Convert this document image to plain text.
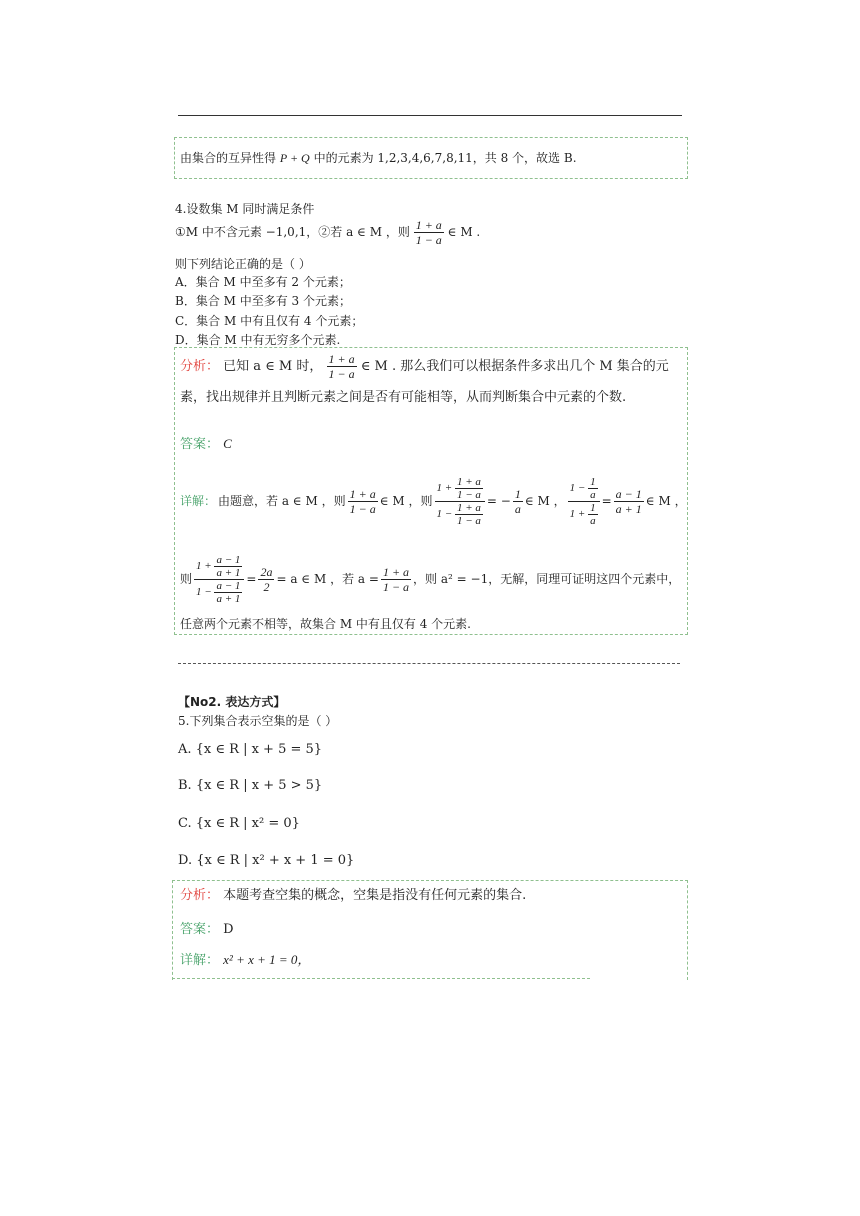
由集合的互异性得 P + Q 中的元素为 1,2,3,4,6,7,8,11，共 8 个，故选 B.
4.设数集 M 同时满足条件
①M 中不含元素 −1,0,1，②若 a ∈ M ，则 $\frac{1 + a}{1 - a}$ ∈ M .
则下列结论正确的是（ ）
A．集合 M 中至多有 2 个元素；
B．集合 M 中至多有 3 个元素；
C．集合 M 中有且仅有 4 个元素；
D．集合 M 中有无穷多个元素.
分析： 已知 a ∈ M 时， $\frac{1 + a}{1 - a}$ ∈ M . 那么我们可以根据条件多求出几个 M 集合的元
素，找出规律并且判断元素之间是否有可能相等，从而判断集合中元素的个数.
答案： C
详解： 由题意，若 a ∈ M ，则 $\frac{1 + a}{1 - a}$ ∈ M ，则 $\frac{1 + \frac{1 + a}{1 - a}}{1 - \frac{1 + a}{1 - a}}$ = − $\frac{1}{a}$ ∈ M ， $\frac{1 - \frac{1}{a}}{1 + \frac{1}{a}} = \frac{a - 1}{a + 1}$ ∈ M ，
则 $\frac{1 + \frac{a - 1}{a + 1}}{1 - \frac{a - 1}{a + 1}} = \frac{2a}{2} = a$ ∈ M ，若 $a = \frac{1 + a}{1 - a}$ ，则 a² = −1，无解，同理可证明这四个元素中，
任意两个元素不相等，故集合 M 中有且仅有 4 个元素.
【No2. 表达方式】
5.下列集合表示空集的是（ ）
A. {x ∈ R | x + 5 = 5}
B. {x ∈ R | x + 5 > 5}
C. {x ∈ R | x² = 0}
D. {x ∈ R | x² + x + 1 = 0}
分析： 本题考查空集的概念，空集是指没有任何元素的集合.
答案： D
详解： x² + x + 1 = 0，
